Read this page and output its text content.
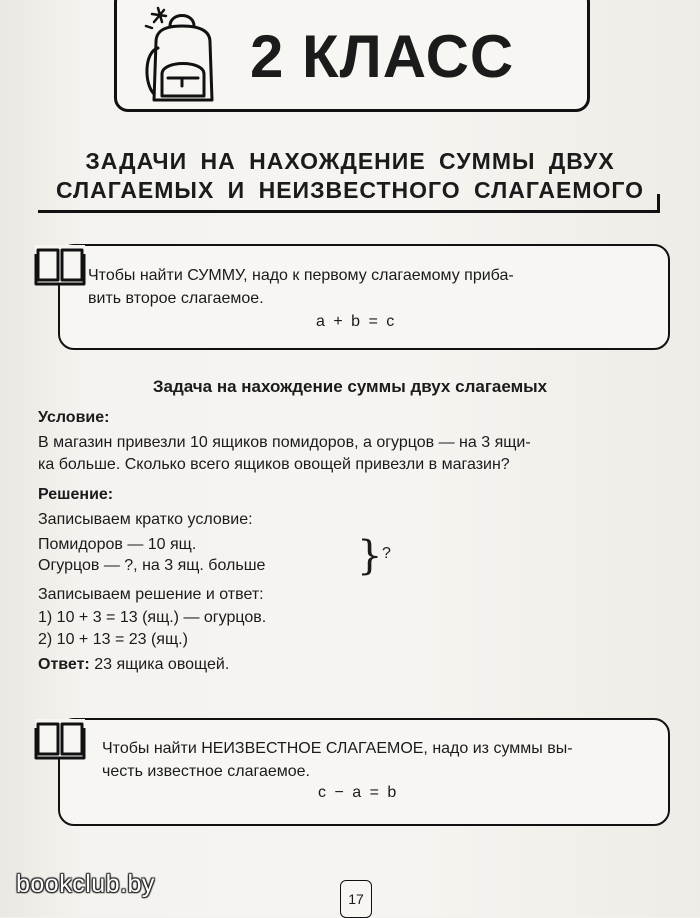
2 КЛАСС
ЗАДАЧИ НА НАХОЖДЕНИЕ СУММЫ ДВУХ
СЛАГАЕМЫХ И НЕИЗВЕСТНОГО СЛАГАЕМОГО
Чтобы найти СУММУ, надо к первому слагаемому приба-
вить второе слагаемое.
a + b = c
Задача на нахождение суммы двух слагаемых
Условие:
В магазин привезли 10 ящиков помидоров, а огурцов — на 3 ящи-
ка больше. Сколько всего ящиков овощей привезли в магазин?
Решение:
Записываем кратко условие:
Помидоров — 10 ящ.
Огурцов — ?, на 3 ящ. больше } ?
Записываем решение и ответ:
1) 10 + 3 = 13 (ящ.) — огурцов.
2) 10 + 13 = 23 (ящ.)
Ответ: 23 ящика овощей.
Чтобы найти НЕИЗВЕСТНОЕ СЛАГАЕМОЕ, надо из суммы вы-
честь известное слагаемое.
c − a = b
bookclub.by
17
